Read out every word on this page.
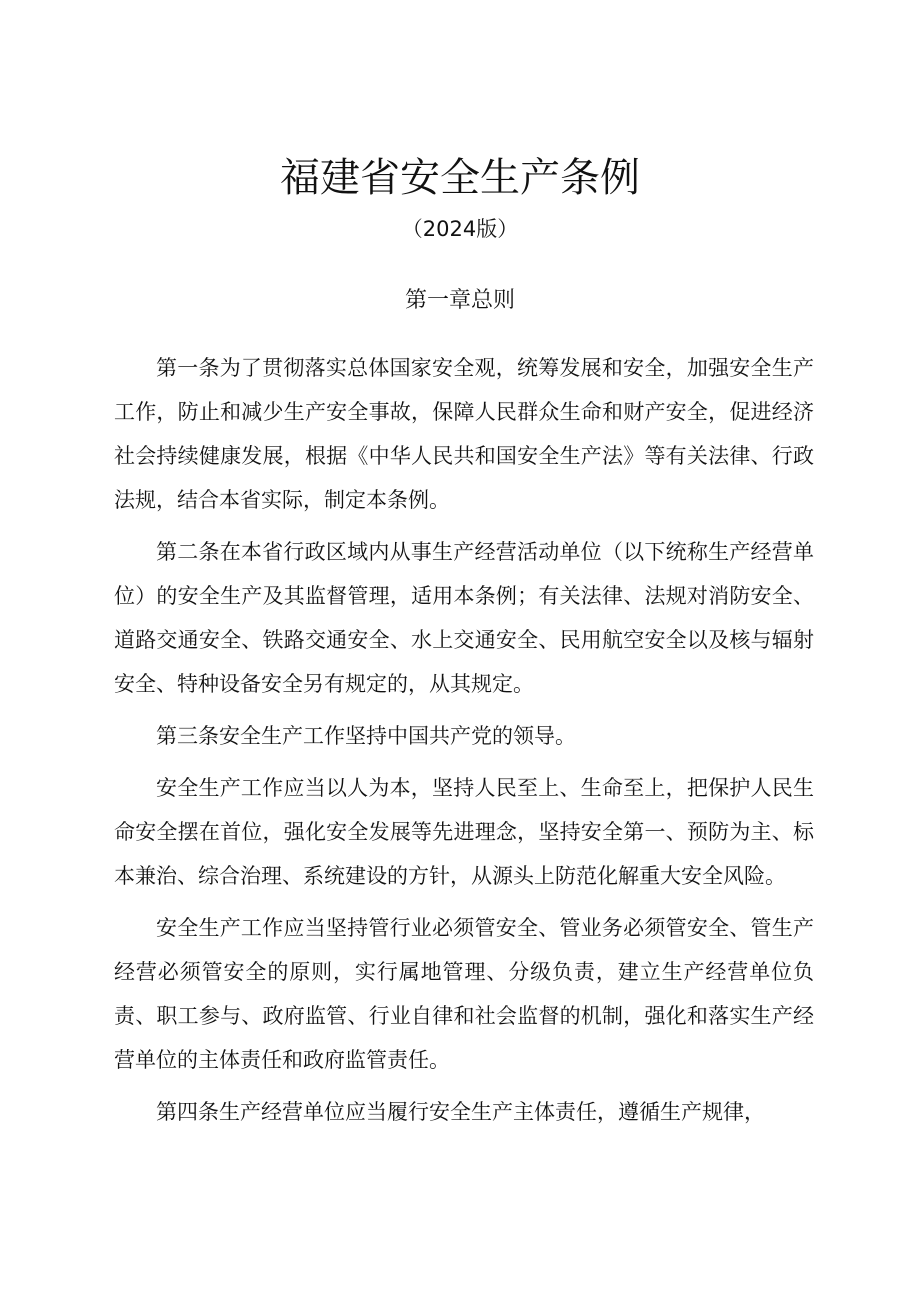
福建省安全生产条例
（2024版）
第一章总则

第一条为了贯彻落实总体国家安全观，统筹发展和安全，加强安全生产工作，防止和减少生产安全事故，保障人民群众生命和财产安全，促进经济社会持续健康发展，根据《中华人民共和国安全生产法》等有关法律、行政法规，结合本省实际，制定本条例。

第二条在本省行政区域内从事生产经营活动单位（以下统称生产经营单位）的安全生产及其监督管理，适用本条例；有关法律、法规对消防安全、道路交通安全、铁路交通安全、水上交通安全、民用航空安全以及核与辐射安全、特种设备安全另有规定的，从其规定。

第三条安全生产工作坚持中国共产党的领导。

安全生产工作应当以人为本，坚持人民至上、生命至上，把保护人民生命安全摆在首位，强化安全发展等先进理念，坚持安全第一、预防为主、标本兼治、综合治理、系统建设的方针，从源头上防范化解重大安全风险。

安全生产工作应当坚持管行业必须管安全、管业务必须管安全、管生产经营必须管安全的原则，实行属地管理、分级负责，建立生产经营单位负责、职工参与、政府监管、行业自律和社会监督的机制，强化和落实生产经营单位的主体责任和政府监管责任。

第四条生产经营单位应当履行安全生产主体责任，遵循生产规律，
